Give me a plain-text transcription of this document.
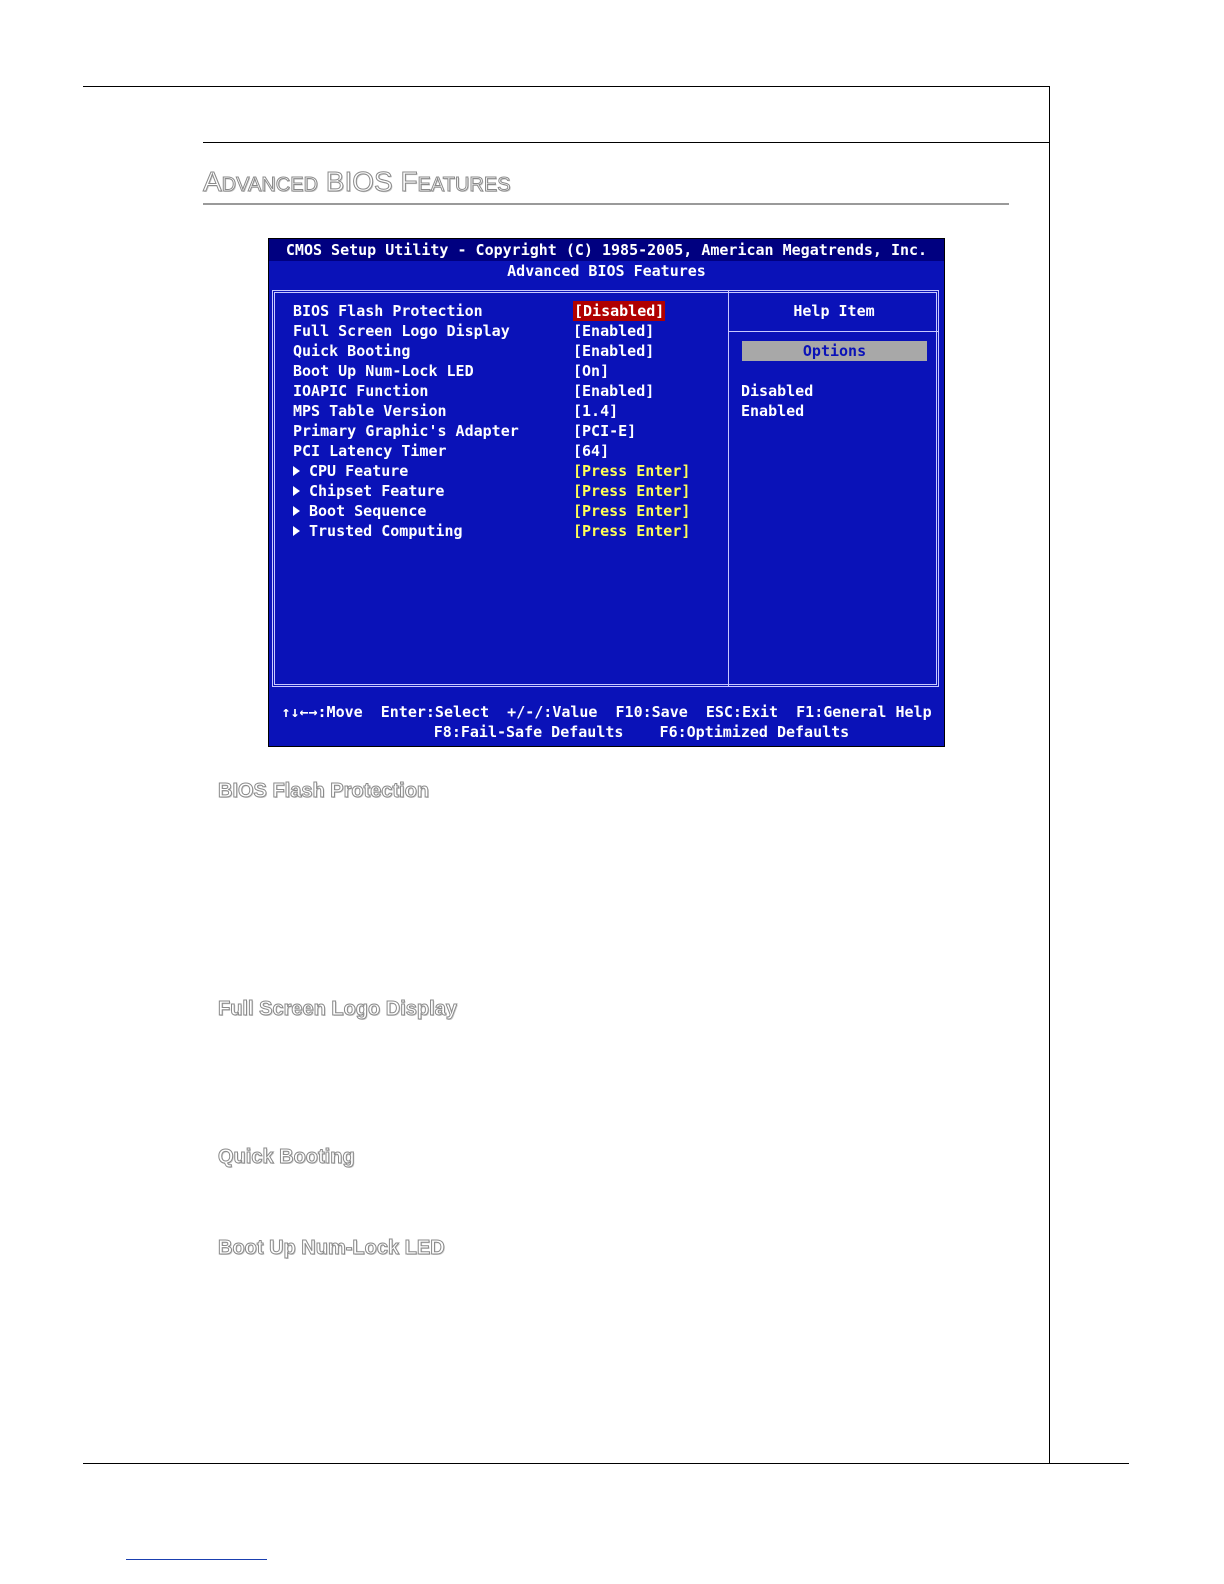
Advanced BIOS Features
CMOS Setup Utility - Copyright (C) 1985-2005, American Megatrends, Inc.
Advanced BIOS Features
BIOS Flash Protection	[Disabled]
Full Screen Logo Display	[Enabled]
Quick Booting	[Enabled]
Boot Up Num-Lock LED	[On]
IOAPIC Function	[Enabled]
MPS Table Version	[1.4]
Primary Graphic's Adapter	[PCI-E]
PCI Latency Timer	[64]
CPU Feature	[Press Enter]
Chipset Feature	[Press Enter]
Boot Sequence	[Press Enter]
Trusted Computing	[Press Enter]
Help Item
Options
Disabled
Enabled
↑↓←→:Move  Enter:Select  +/-/:Value  F10:Save  ESC:Exit  F1:General Help
F8:Fail-Safe Defaults    F6:Optimized Defaults
BIOS Flash Protection
Full Screen Logo Display
Quick Booting
Boot Up Num-Lock LED
